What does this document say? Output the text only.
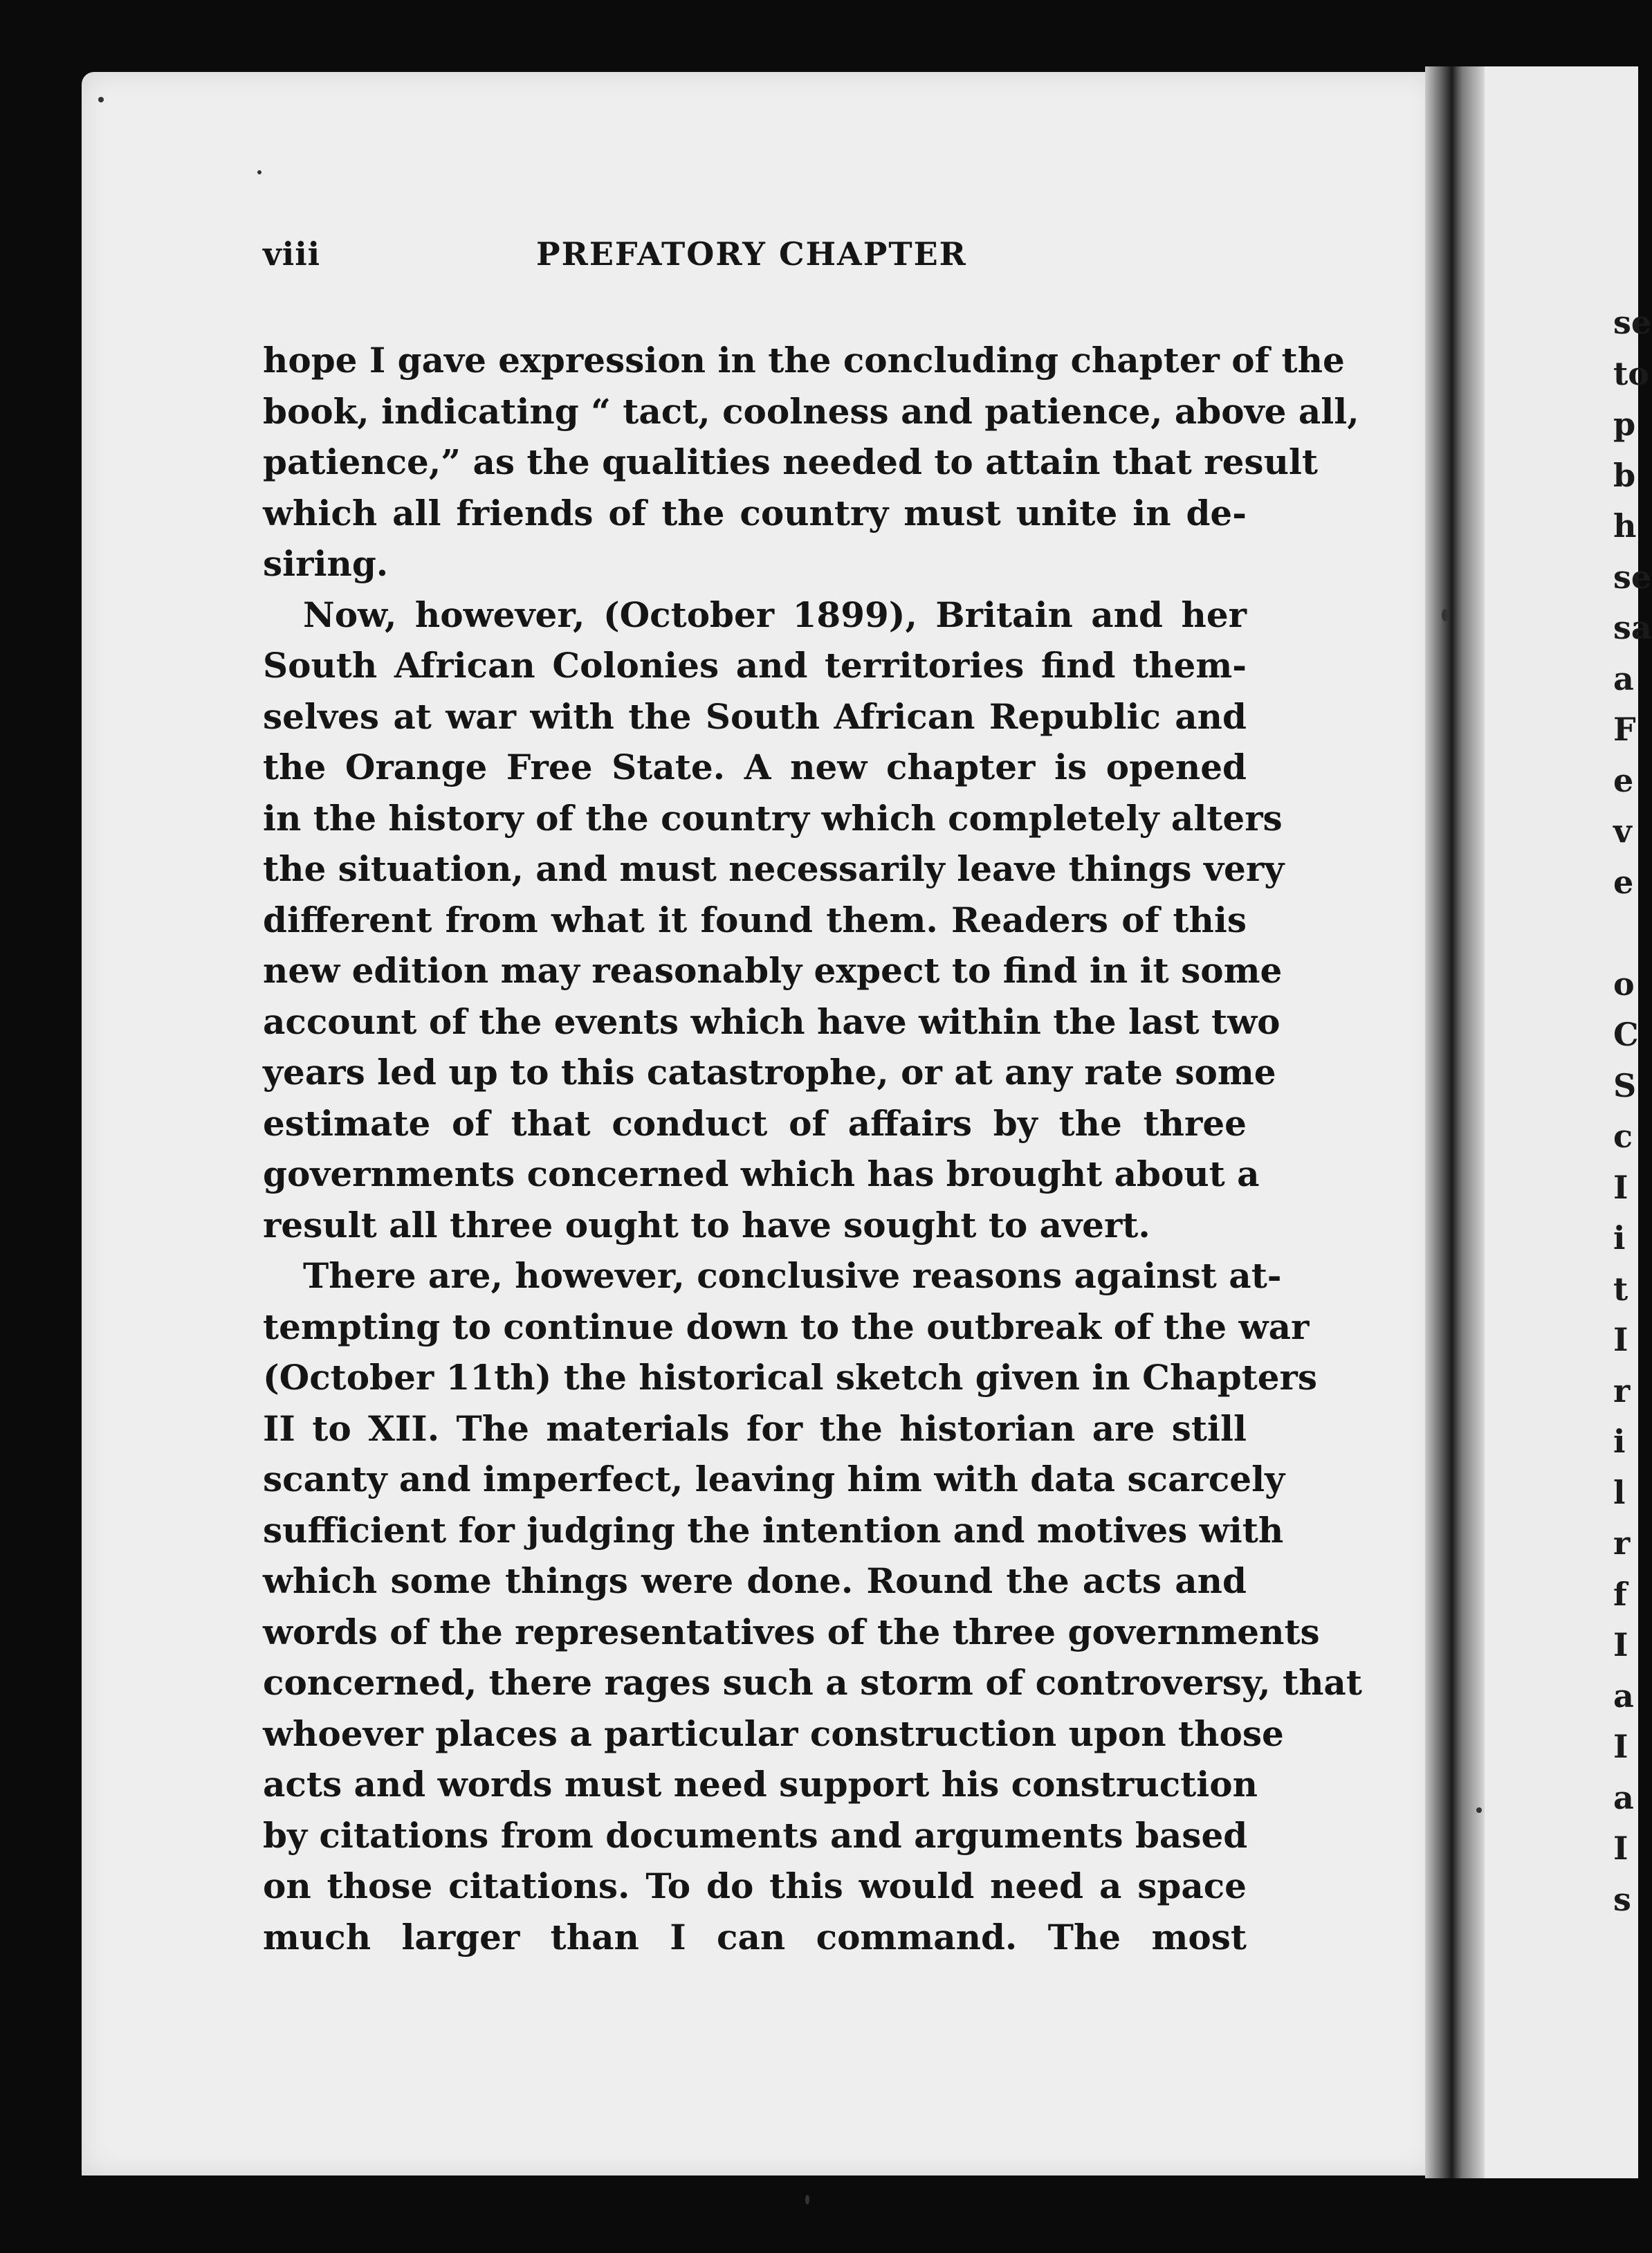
viii	PREFATORY CHAPTER
hope I gave expression in the concluding chapter of the
book, indicating “ tact, coolness and patience, above all,
patience,” as the qualities needed to attain that result
which all friends of the country must unite in de-
siring.
Now, however, (October 1899), Britain and her
South African Colonies and territories find them-
selves at war with the South African Republic and
the Orange Free State. A new chapter is opened
in the history of the country which completely alters
the situation, and must necessarily leave things very
different from what it found them. Readers of this
new edition may reasonably expect to find in it some
account of the events which have within the last two
years led up to this catastrophe, or at any rate some
estimate of that conduct of affairs by the three
governments concerned which has brought about a
result all three ought to have sought to avert.
There are, however, conclusive reasons against at-
tempting to continue down to the outbreak of the war
(October 11th) the historical sketch given in Chapters
II to XII. The materials for the historian are still
scanty and imperfect, leaving him with data scarcely
sufficient for judging the intention and motives with
which some things were done. Round the acts and
words of the representatives of the three governments
concerned, there rages such a storm of controversy, that
whoever places a particular construction upon those
acts and words must need support his construction
by citations from documents and arguments based
on those citations. To do this would need a space
much larger than I can command. The most
se
to
p
b
h
se
sa
a
F
e
v
e
o
C
S
c
I
i
t
I
r
i
l
r
f
I
a
I
a
I
s
